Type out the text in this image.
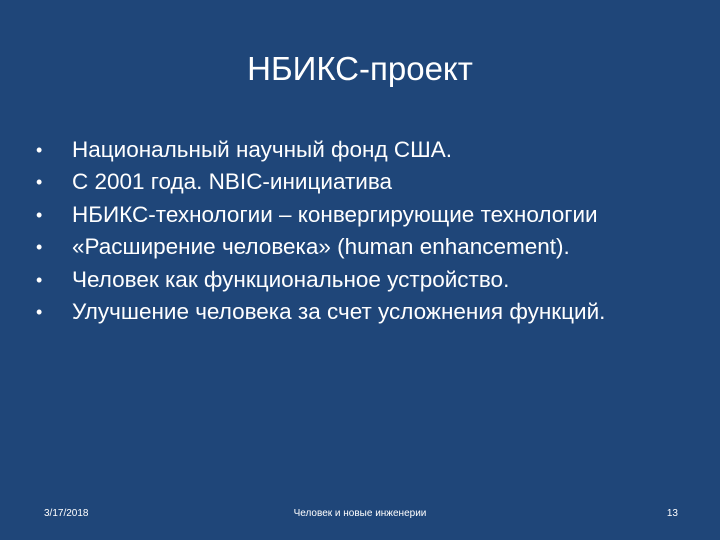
НБИКС-проект
•	Национальный научный фонд США.
•	С 2001 года. NBIC-инициатива
•	НБИКС-технологии – конвергирующие технологии
•	«Расширение человека» (human enhancement).
•	Человек как функциональное устройство.
•	Улучшение человека за счет усложнения функций.
3/17/2018	Человек и новые инженерии	13
